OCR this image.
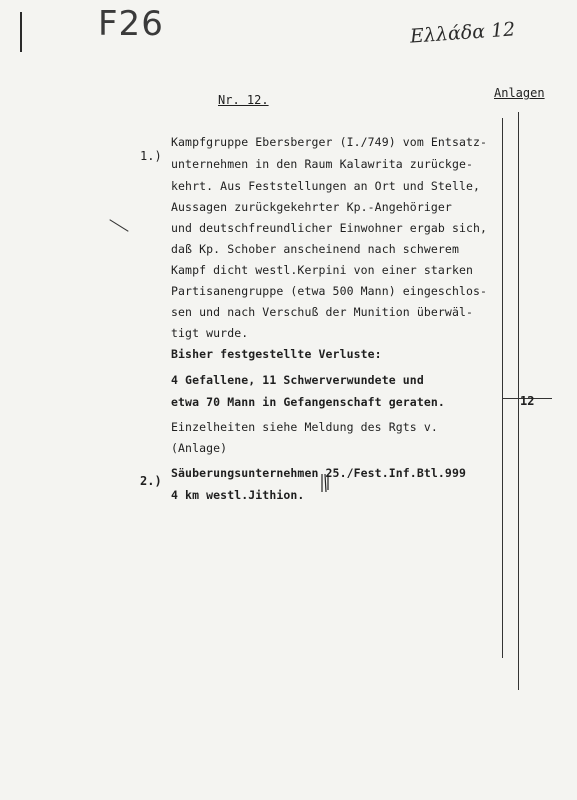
F26	Ελλάδα 12
Nr. 12.	Anlagen
12
1.)
Kampfgruppe Ebersberger (I./749) vom Entsatz-
unternehmen in den Raum Kalawrita zurückge-
kehrt. Aus Feststellungen an Ort und Stelle,
Aussagen zurückgekehrter Kp.-Angehöriger
und deutschfreundlicher Einwohner ergab sich,
daß Kp. Schober anscheinend nach schwerem
Kampf dicht westl.Kerpini von einer starken
Partisanengruppe (etwa 500 Mann) eingeschlos-
sen und nach Verschuß der Munition überwäl-
tigt wurde.
Bisher festgestellte Verluste:
4 Gefallene, 11 Schwerverwundete und
etwa 70 Mann in Gefangenschaft geraten.
Einzelheiten siehe Meldung des Rgts v.
(Anlage)
2.)
Säuberungsunternehmen 25./Fest.Inf.Btl.999
4 km westl.Jithion.
